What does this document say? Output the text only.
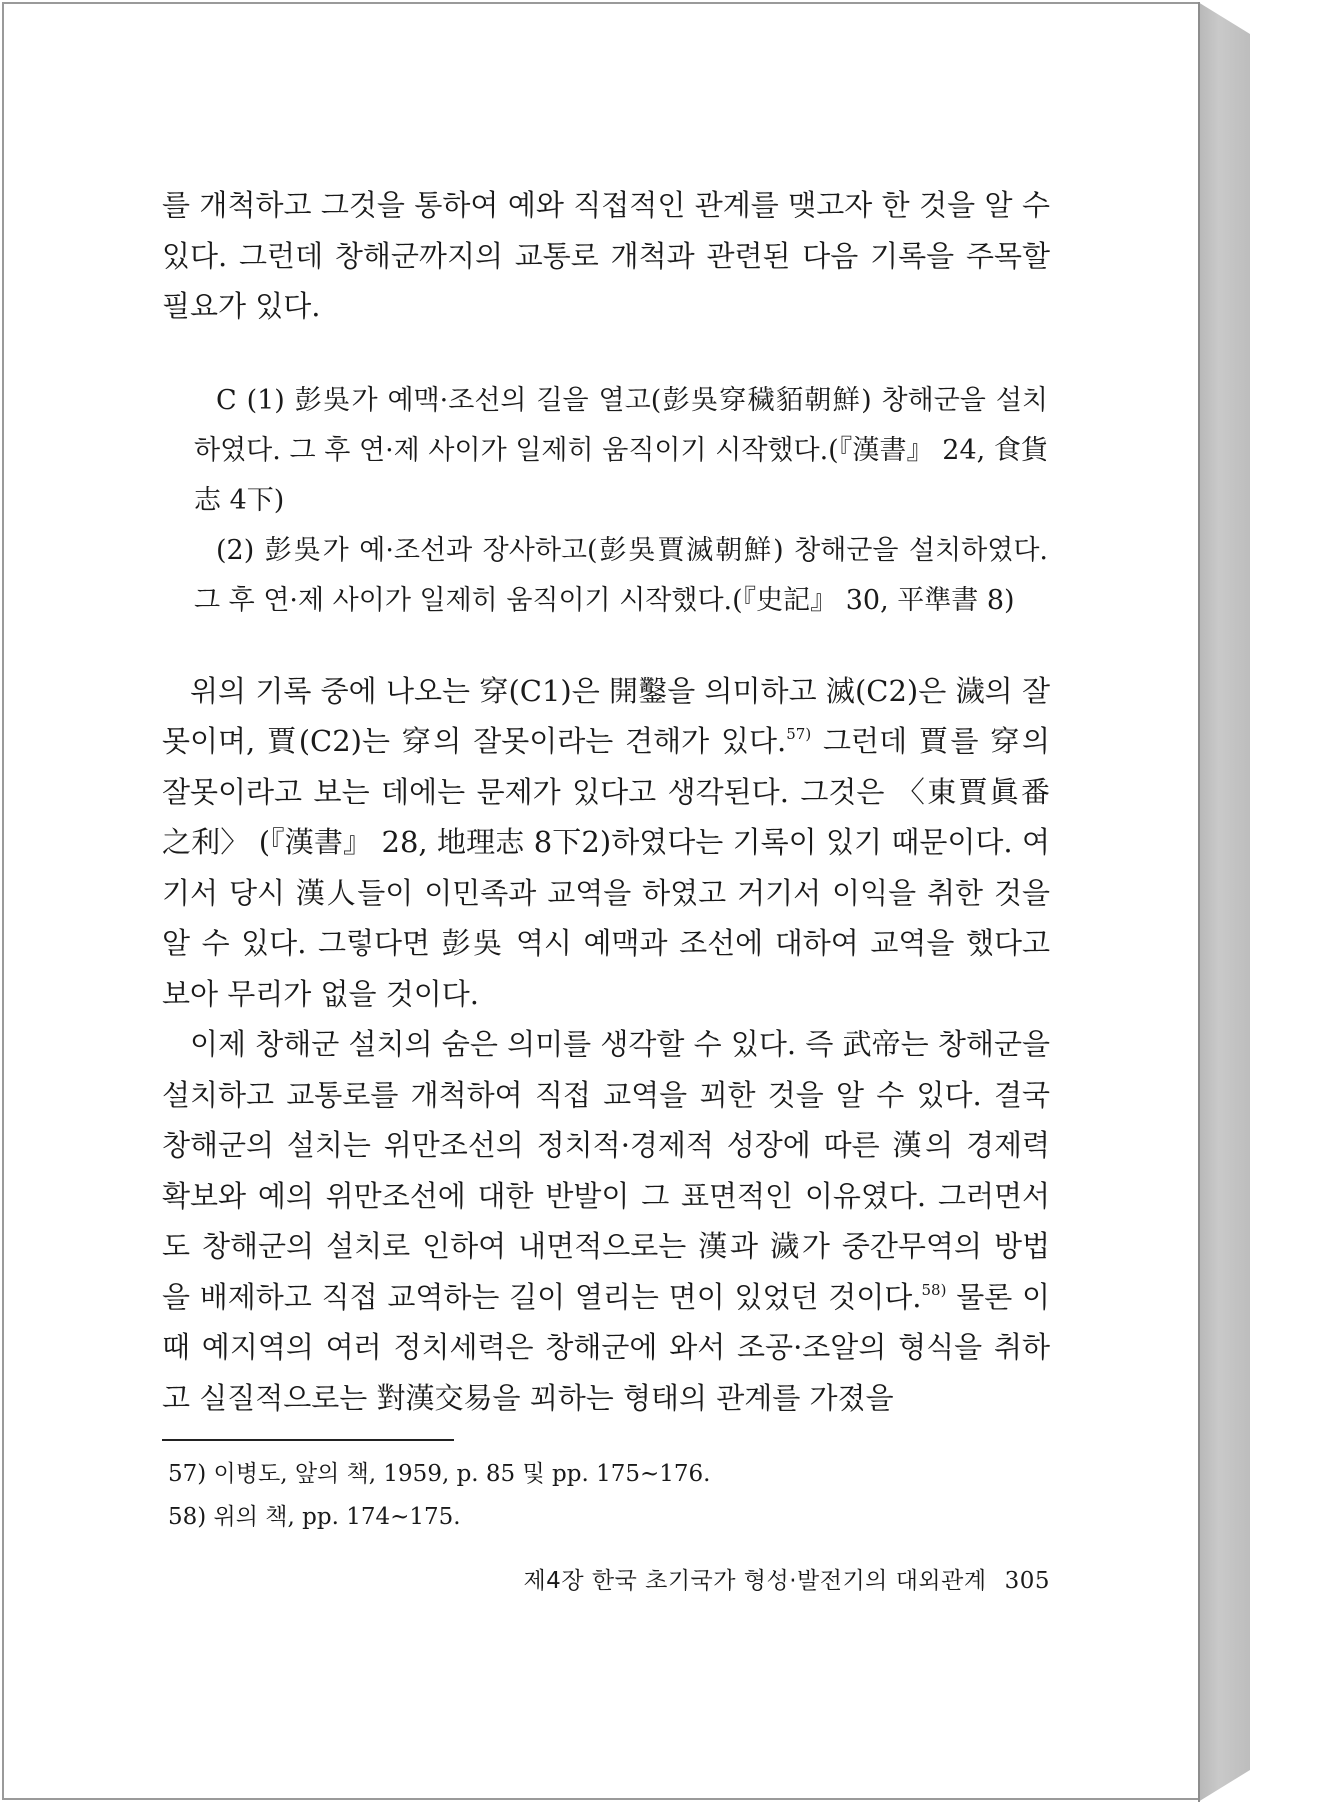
를 개척하고 그것을 통하여 예와 직접적인 관계를 맺고자 한 것을 알 수 있다. 그런데 창해군까지의 교통로 개척과 관련된 다음 기록을 주목할 필요가 있다.

C (1) 彭吳가 예맥·조선의 길을 열고(彭吳穿穢貊朝鮮) 창해군을 설치하였다. 그 후 연·제 사이가 일제히 움직이기 시작했다.(『漢書』 24, 食貨志 4下)

(2) 彭吳가 예·조선과 장사하고(彭吳賈滅朝鮮) 창해군을 설치하였다. 그 후 연·제 사이가 일제히 움직이기 시작했다.(『史記』 30, 平準書 8)

위의 기록 중에 나오는 穿(C1)은 開鑿을 의미하고 滅(C2)은 濊의 잘못이며, 賈(C2)는 穿의 잘못이라는 견해가 있다.$^{57)}$ 그런데 賈를 穿의 잘못이라고 보는 데에는 문제가 있다고 생각된다. 그것은 〈東賈眞番之利〉 (『漢書』 28, 地理志 8下2)하였다는 기록이 있기 때문이다. 여기서 당시 漢人들이 이민족과 교역을 하였고 거기서 이익을 취한 것을 알 수 있다. 그렇다면 彭吳 역시 예맥과 조선에 대하여 교역을 했다고 보아 무리가 없을 것이다.

이제 창해군 설치의 숨은 의미를 생각할 수 있다. 즉 武帝는 창해군을 설치하고 교통로를 개척하여 직접 교역을 꾀한 것을 알 수 있다. 결국 창해군의 설치는 위만조선의 정치적·경제적 성장에 따른 漢의 경제력 확보와 예의 위만조선에 대한 반발이 그 표면적인 이유였다. 그러면서도 창해군의 설치로 인하여 내면적으로는 漢과 濊가 중간무역의 방법을 배제하고 직접 교역하는 길이 열리는 면이 있었던 것이다.$^{58)}$ 물론 이 때 예지역의 여러 정치세력은 창해군에 와서 조공·조알의 형식을 취하고 실질적으로는 對漢交易을 꾀하는 형태의 관계를 가졌을

57) 이병도, 앞의 책, 1959, p. 85 및 pp. 175~176.
58) 위의 책, pp. 174~175.
제4장 한국 초기국가 형성·발전기의 대외관계 305
